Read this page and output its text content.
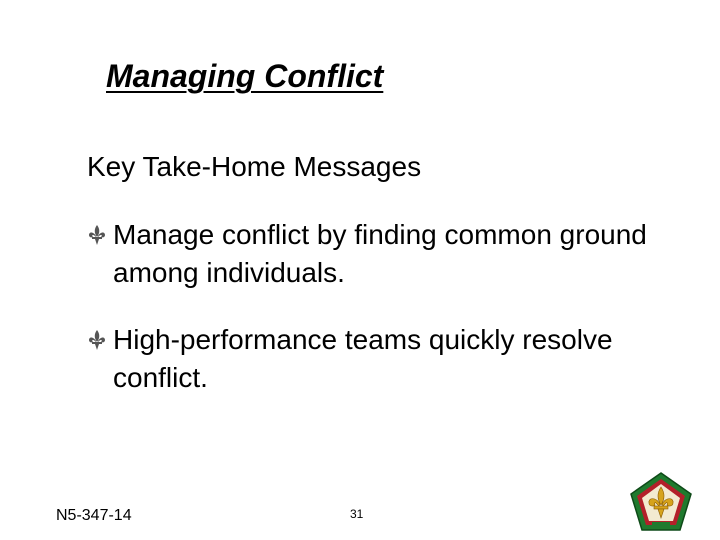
Managing Conflict
Key Take-Home Messages
Manage conflict by finding common ground among individuals.
High-performance teams quickly resolve conflict.
N5-347-14	31
